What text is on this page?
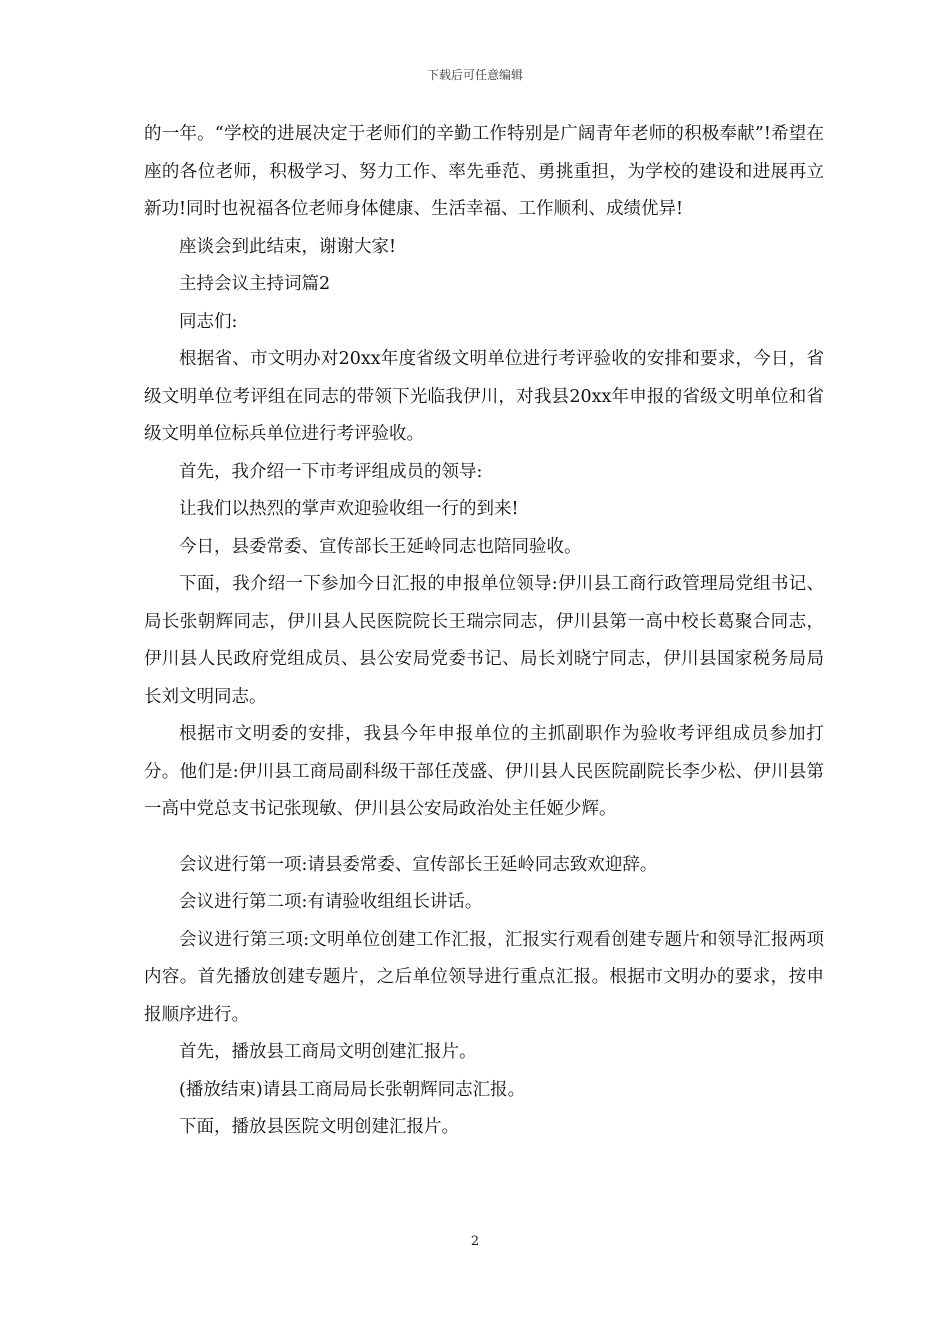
下载后可任意编辑

的一年。“学校的进展决定于老师们的辛勤工作特别是广阔青年老师的积极奉献”!希望在座的各位老师，积极学习、努力工作、率先垂范、勇挑重担，为学校的建设和进展再立新功!同时也祝福各位老师身体健康、生活幸福、工作顺利、成绩优异!

座谈会到此结束，谢谢大家!

主持会议主持词篇2

同志们:

根据省、市文明办对20xx年度省级文明单位进行考评验收的安排和要求，今日，省级文明单位考评组在同志的带领下光临我伊川，对我县20xx年申报的省级文明单位和省级文明单位标兵单位进行考评验收。

首先，我介绍一下市考评组成员的领导:

让我们以热烈的掌声欢迎验收组一行的到来!

今日，县委常委、宣传部长王延岭同志也陪同验收。

下面，我介绍一下参加今日汇报的申报单位领导:伊川县工商行政管理局党组书记、局长张朝辉同志，伊川县人民医院院长王瑞宗同志，伊川县第一高中校长葛聚合同志，伊川县人民政府党组成员、县公安局党委书记、局长刘晓宁同志，伊川县国家税务局局长刘文明同志。

根据市文明委的安排，我县今年申报单位的主抓副职作为验收考评组成员参加打分。他们是:伊川县工商局副科级干部任茂盛、伊川县人民医院副院长李少松、伊川县第一高中党总支书记张现敏、伊川县公安局政治处主任姬少辉。

会议进行第一项:请县委常委、宣传部长王延岭同志致欢迎辞。

会议进行第二项:有请验收组组长讲话。

会议进行第三项:文明单位创建工作汇报，汇报实行观看创建专题片和领导汇报两项内容。首先播放创建专题片，之后单位领导进行重点汇报。根据市文明办的要求，按申报顺序进行。

首先，播放县工商局文明创建汇报片。

(播放结束)请县工商局局长张朝辉同志汇报。

下面，播放县医院文明创建汇报片。

2
